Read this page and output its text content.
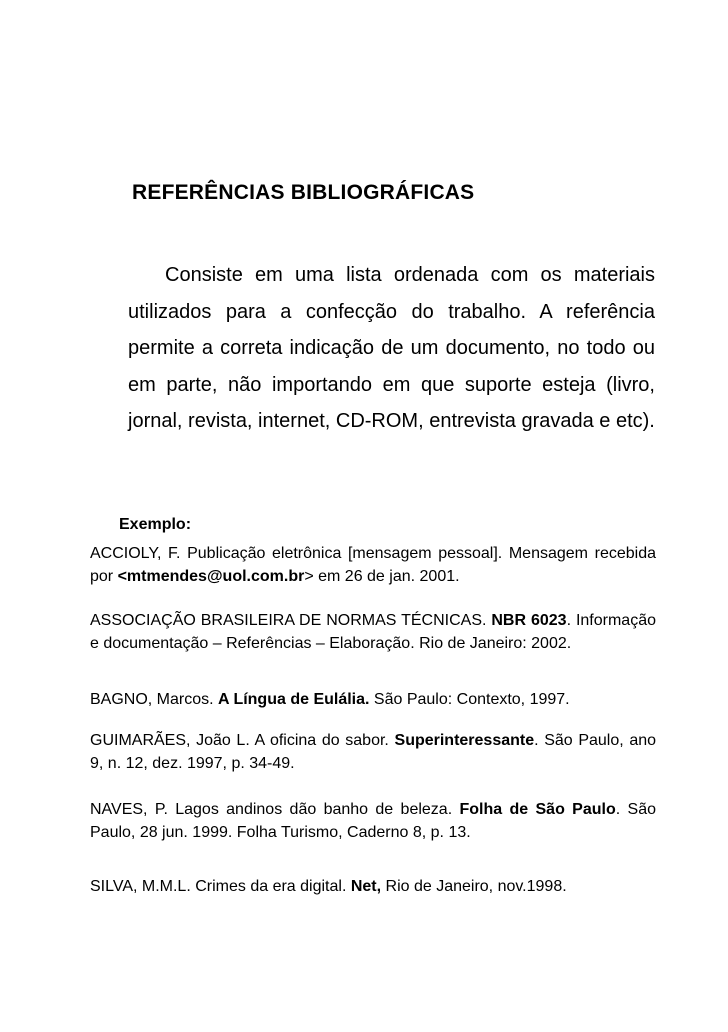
REFERÊNCIAS BIBLIOGRÁFICAS

Consiste em uma lista ordenada com os materiais utilizados para a confecção do trabalho. A referência permite a correta indicação de um documento, no todo ou em parte, não importando em que suporte esteja (livro, jornal, revista, internet, CD-ROM, entrevista gravada e etc).

Exemplo:

ACCIOLY, F. Publicação eletrônica [mensagem pessoal]. Mensagem recebida por <mtmendes@uol.com.br> em 26 de jan. 2001.

ASSOCIAÇÃO BRASILEIRA DE NORMAS TÉCNICAS. NBR 6023. Informação e documentação – Referências – Elaboração. Rio de Janeiro: 2002.

BAGNO, Marcos. A Língua de Eulália. São Paulo: Contexto, 1997.

GUIMARÃES, João L. A oficina do sabor. Superinteressante. São Paulo, ano 9, n. 12, dez. 1997, p. 34-49.

NAVES, P. Lagos andinos dão banho de beleza. Folha de São Paulo. São Paulo, 28 jun. 1999. Folha Turismo, Caderno 8, p. 13.

SILVA, M.M.L. Crimes da era digital. Net, Rio de Janeiro, nov.1998.
